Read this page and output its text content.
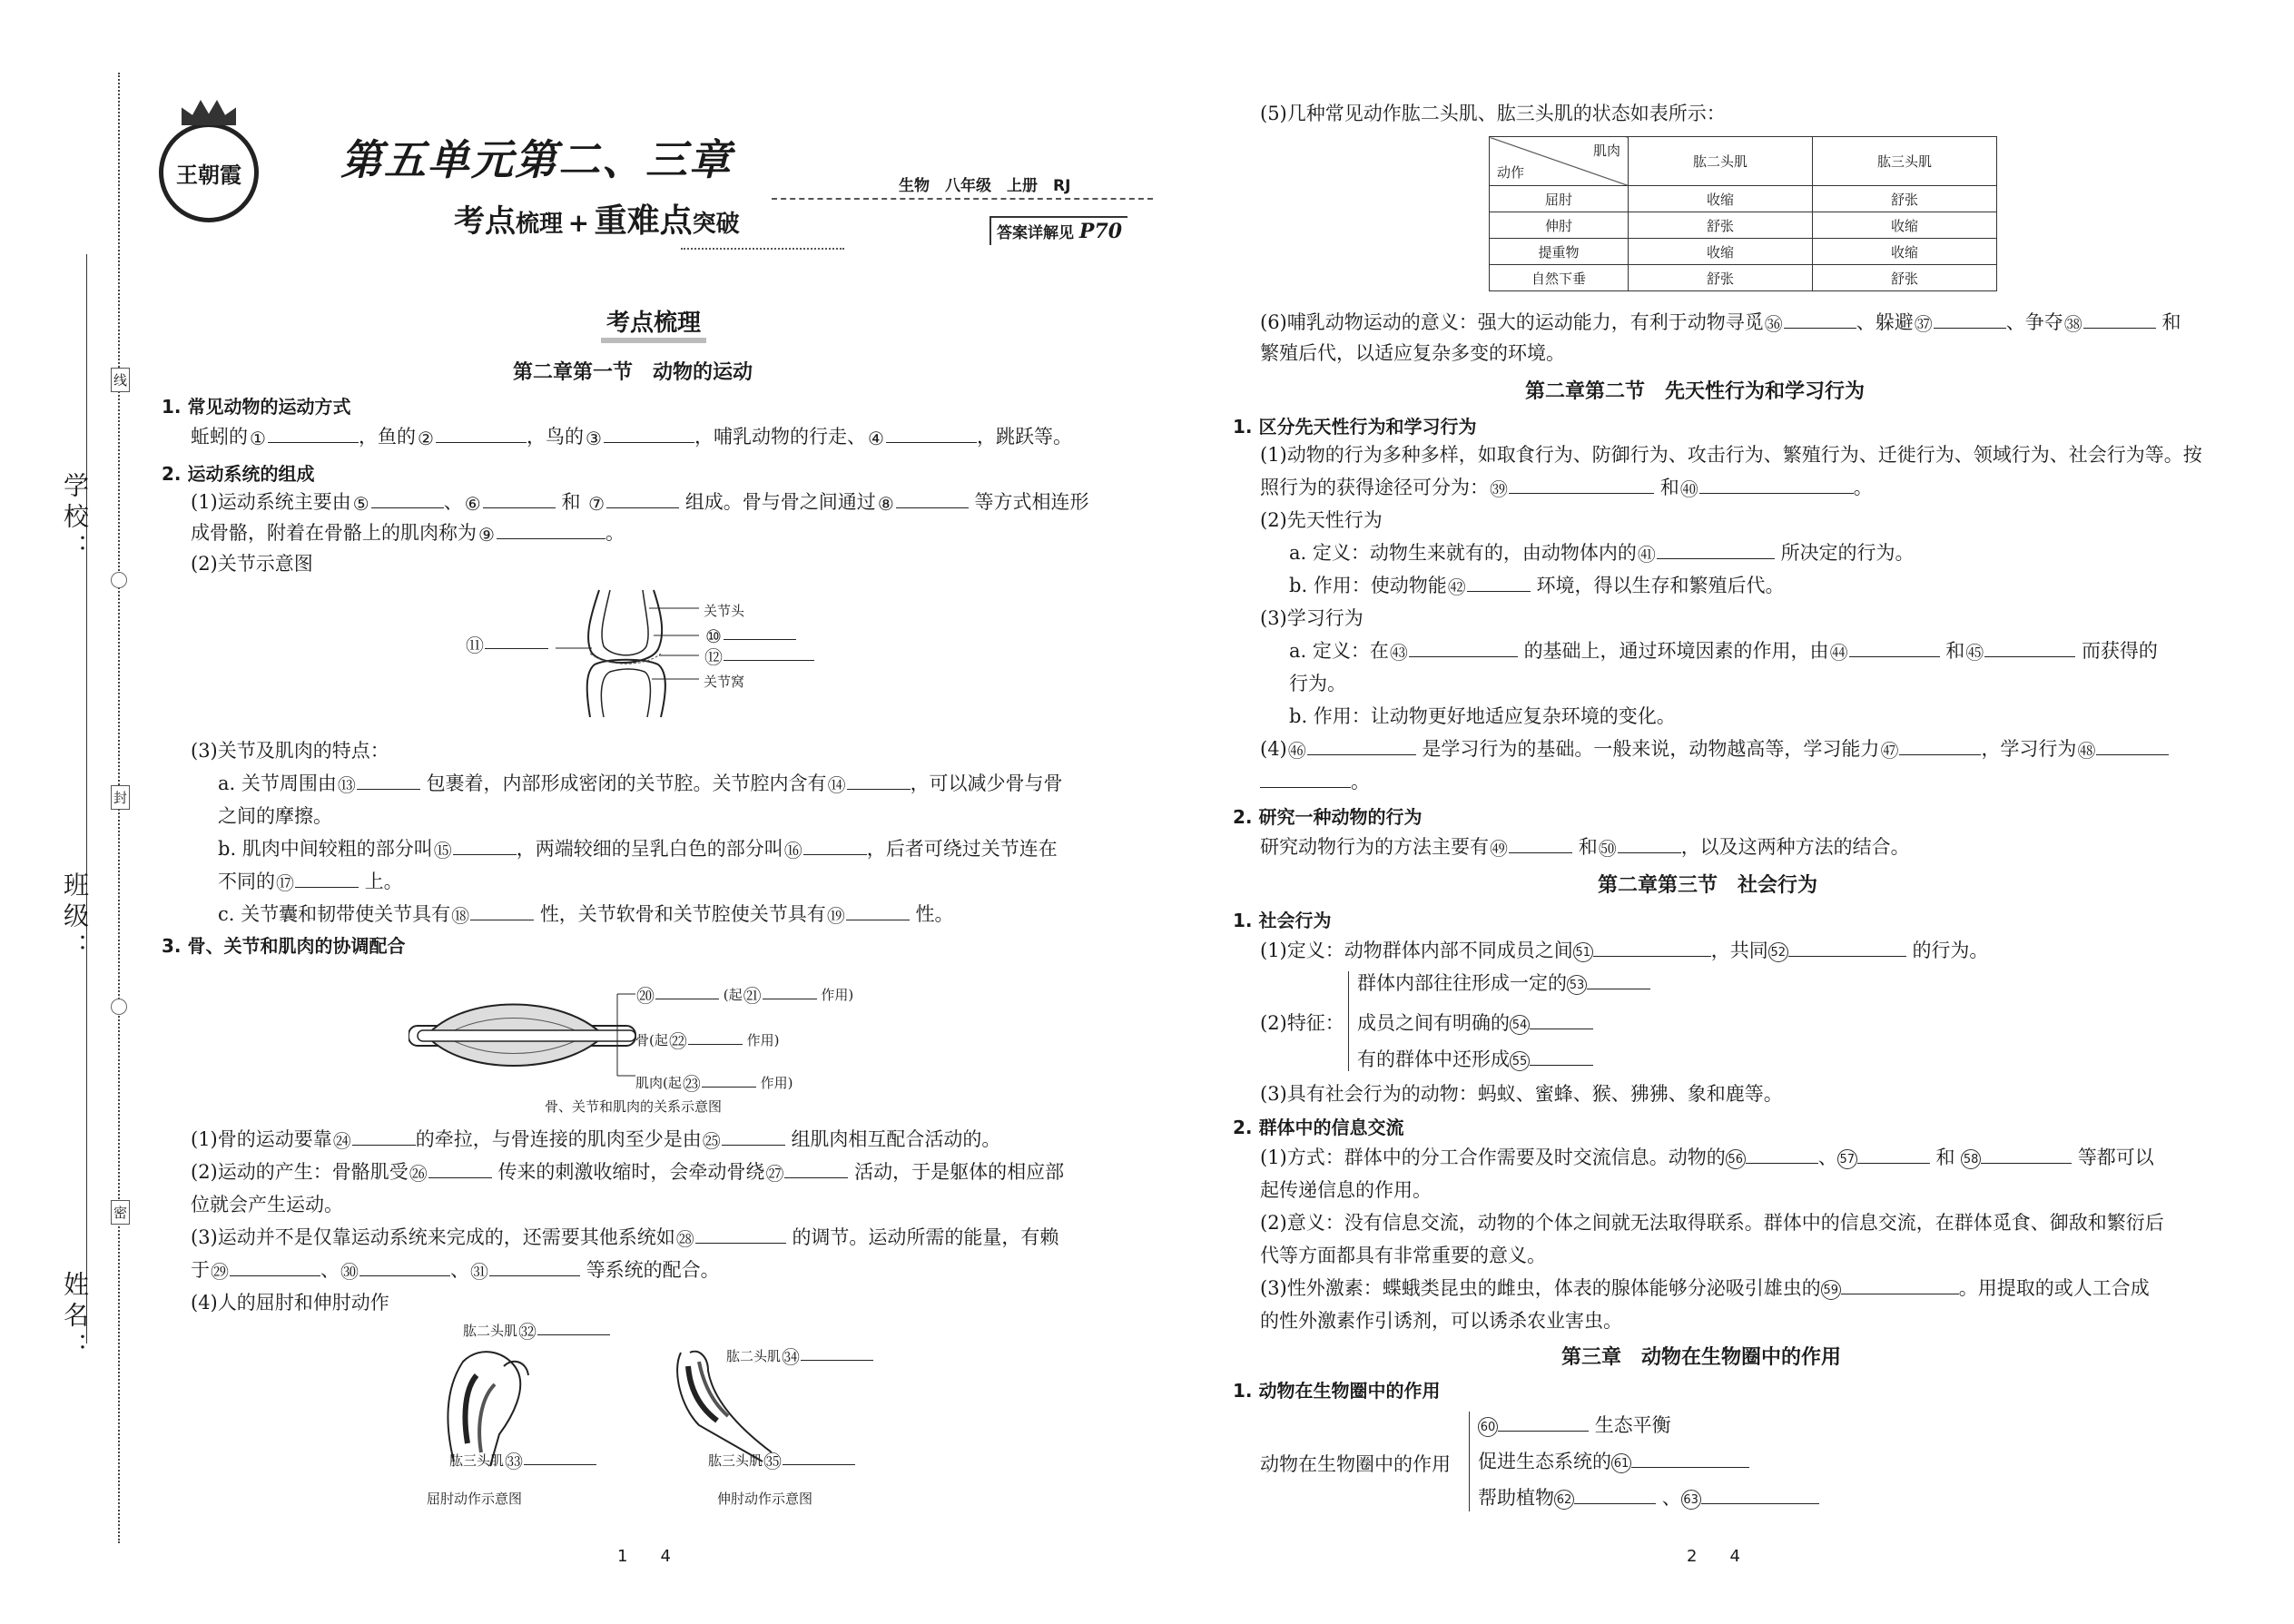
学校：
班级：
姓名：
线
封
密
王朝霞 第五单元第二、三章
考点梳理 + 重难点突破
生物　八年级　上册　RJ
答案详解见 P70
考点梳理
第二章第一节　动物的运动
1. 常见动物的运动方式
蚯蚓的 ①	，鱼的 ②	，鸟的 ③	，哺乳动物的行走、 ④	，跳跃等。
2. 运动系统的组成
(1)运动系统主要由 ⑤	、 ⑥	和 ⑦	组成。骨与骨之间通过 ⑧	等方式相连形
成骨骼，附着在骨骼上的肌肉称为 ⑨	。
(2)关节示意图
关节头
⑩
⑫
关节窝
⑪
(3)关节及肌肉的特点：
a. 关节周围由⑬	包裹着，内部形成密闭的关节腔。关节腔内含有⑭	，可以减少骨与骨
之间的摩擦。
b. 肌肉中间较粗的部分叫⑮	，两端较细的呈乳白色的部分叫⑯	，后者可绕过关节连在
不同的⑰	上。
c. 关节囊和韧带使关节具有⑱	性，关节软骨和关节腔使关节具有⑲	性。
3. 骨、关节和肌肉的协调配合
⑳	(起㉑	作用)
骨(起㉒	作用)
肌肉(起㉓	作用)
骨、关节和肌肉的关系示意图
(1)骨的运动要靠㉔	的牵拉，与骨连接的肌肉至少是由㉕	组肌肉相互配合活动的。
(2)运动的产生：骨骼肌受㉖	传来的刺激收缩时，会牵动骨绕㉗	活动，于是躯体的相应部
位就会产生运动。
(3)运动并不是仅靠运动系统来完成的，还需要其他系统如㉘	的调节。运动所需的能量，有赖
于㉙	、㉚	、㉛	等系统的配合。
(4)人的屈肘和伸肘动作
肱二头肌㉜
肱三头肌㉝
屈肘动作示意图
肱二头肌㉞
肱三头肌㉟
伸肘动作示意图
1　　4
(5)几种常见动作肱二头肌、肱三头肌的状态如表所示：
肌肉
动作	肱二头肌	肱三头肌
屈肘	收缩	舒张
伸肘	舒张	收缩
提重物	收缩	收缩
自然下垂	舒张	舒张
(6)哺乳动物运动的意义：强大的运动能力，有利于动物寻觅㊱	、躲避㊲	、争夺㊳	和
繁殖后代，以适应复杂多变的环境。
第二章第二节　先天性行为和学习行为
1. 区分先天性行为和学习行为
(1)动物的行为多种多样，如取食行为、防御行为、攻击行为、繁殖行为、迁徙行为、领域行为、社会行为等。按
照行为的获得途径可分为：㊴	和㊵	。
(2)先天性行为
a. 定义：动物生来就有的，由动物体内的㊶	所决定的行为。
b. 作用：使动物能㊷	环境，得以生存和繁殖后代。
(3)学习行为
a. 定义：在㊸	的基础上，通过环境因素的作用，由㊹	和㊺	而获得的
行为。
b. 作用：让动物更好地适应复杂环境的变化。
(4)㊻	是学习行为的基础。一般来说，动物越高等，学习能力㊼	，学习行为㊽
。
2. 研究一种动物的行为
研究动物行为的方法主要有㊾	和㊿	，以及这两种方法的结合。
第二章第三节　社会行为
1. 社会行为
(1)定义：动物群体内部不同成员之间 51	，共同 52	的行为。
(2)特征：
群体内部往往形成一定的 53
成员之间有明确的 54
有的群体中还形成 55
(3)具有社会行为的动物：蚂蚁、蜜蜂、猴、狒狒、象和鹿等。
2. 群体中的信息交流
(1)方式：群体中的分工合作需要及时交流信息。动物的 56	、 57	和 58	等都可以
起传递信息的作用。
(2)意义：没有信息交流，动物的个体之间就无法取得联系。群体中的信息交流，在群体觅食、御敌和繁衍后
代等方面都具有非常重要的意义。
(3)性外激素：蝶蛾类昆虫的雌虫，体表的腺体能够分泌吸引雄虫的 59	。用提取的或人工合成
的性外激素作引诱剂，可以诱杀农业害虫。
第三章　动物在生物圈中的作用
1. 动物在生物圈中的作用
动物在生物圈中的作用
60	生态平衡
促进生态系统的 61
帮助植物 62	、 63
2　　4
